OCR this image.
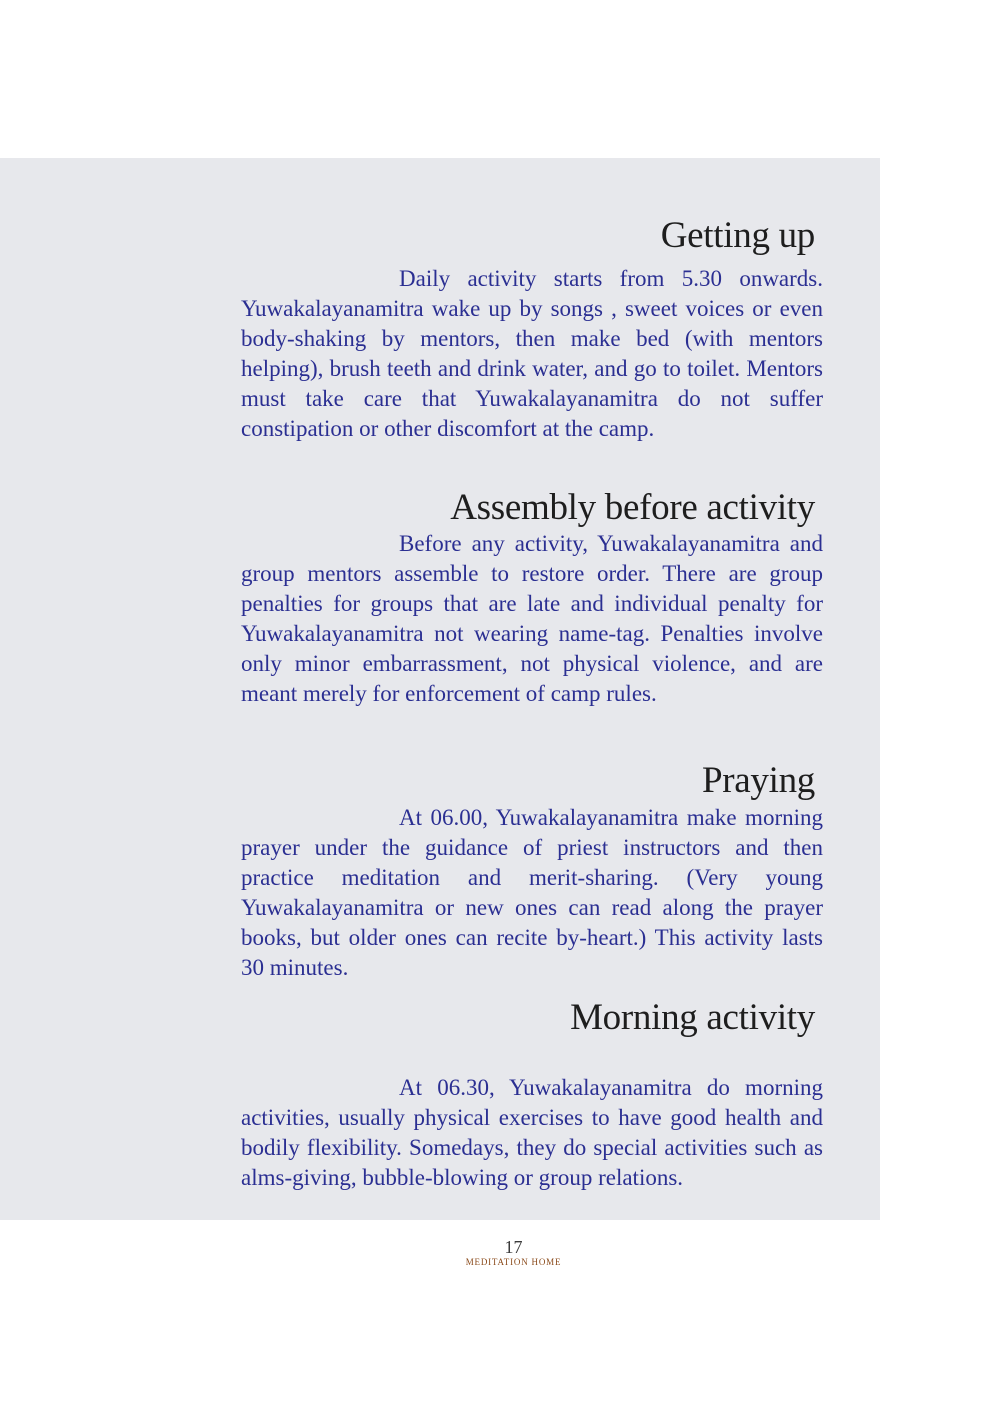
Getting up

Daily activity starts from 5.30 onwards. Yuwakalayanamitra wake up by songs , sweet voices or even body-shaking by mentors, then make bed (with mentors helping), brush teeth and drink water, and go to toilet. Mentors must take care that Yuwakalayanamitra do not suffer constipation or other discomfort at the camp.

Assembly before activity

Before any activity, Yuwakalayanamitra and group mentors assemble to restore order. There are group penalties for groups that are late and individual penalty for Yuwakalayanamitra not wearing name-tag. Penalties involve only minor embarrassment, not physical violence, and are meant merely for enforcement of camp rules.

Praying

At 06.00, Yuwakalayanamitra make morning prayer under the guidance of priest instructors and then practice meditation and merit-sharing. (Very young Yuwakalayanamitra or new ones can read along the prayer books, but older ones can recite by-heart.) This activity lasts 30 minutes.

Morning activity

At 06.30, Yuwakalayanamitra do morning activities, usually physical exercises to have good health and bodily flexibility. Somedays, they do special activities such as alms-giving, bubble-blowing or group relations.

17
MEDITATION HOME
